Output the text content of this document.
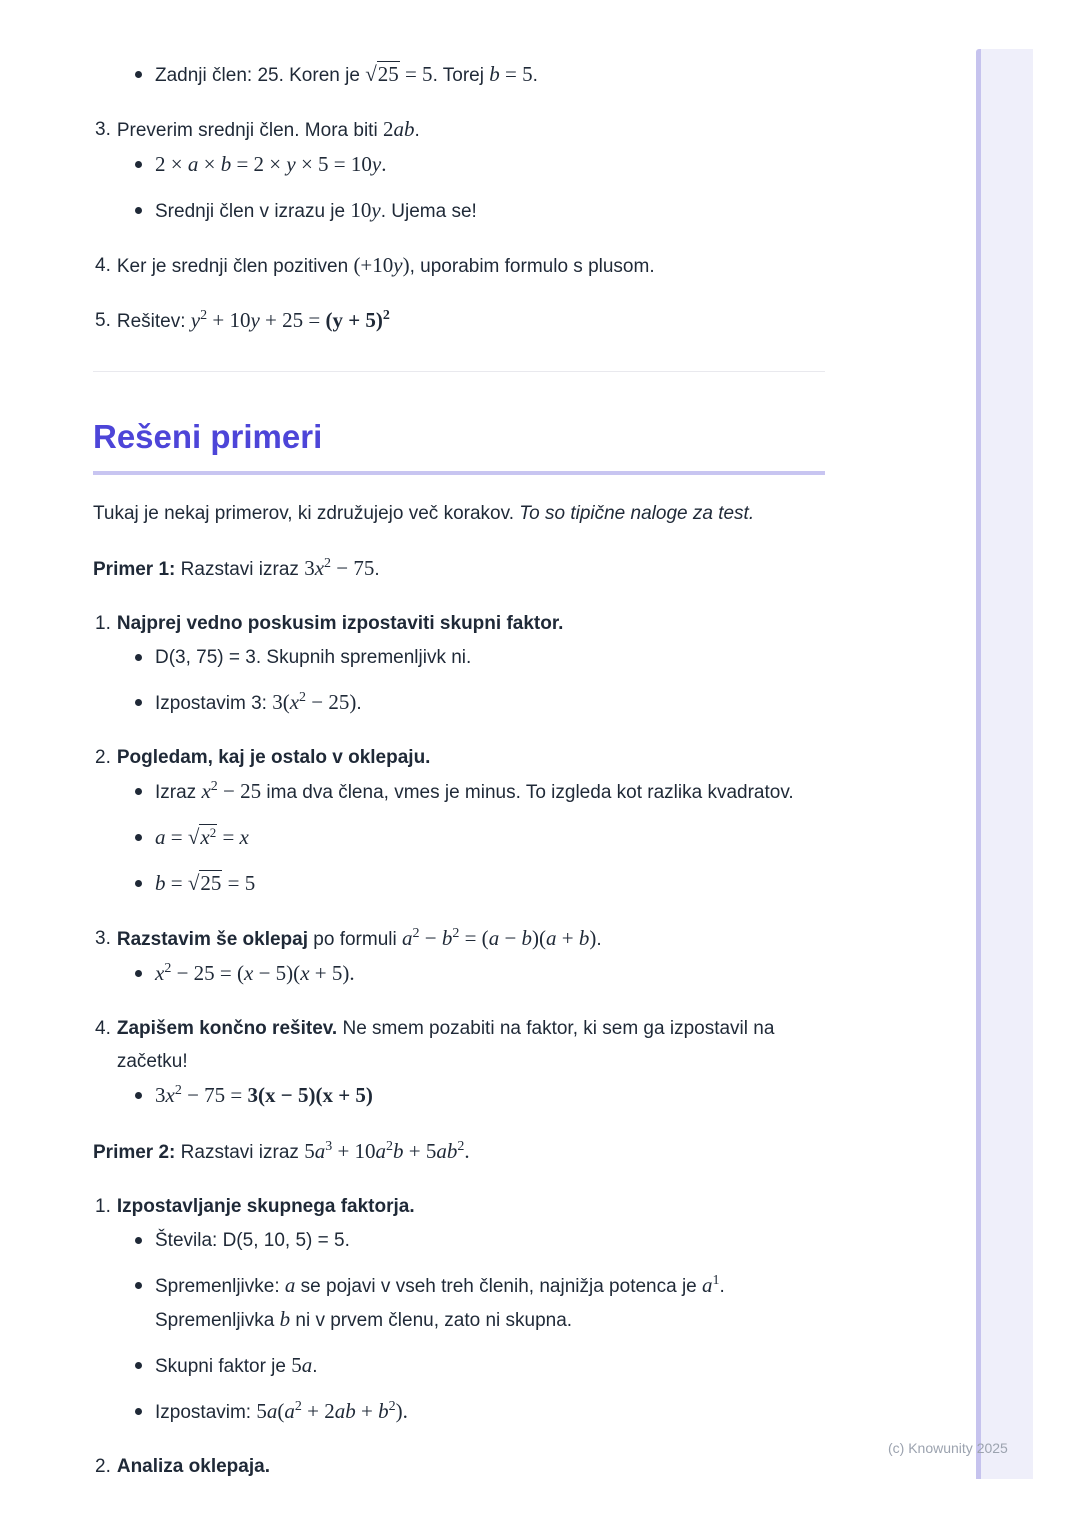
Zadnji člen: 25. Koren je √25 = 5. Torej b = 5.
3. Preverim srednji člen. Mora biti 2ab.
2 × a × b = 2 × y × 5 = 10y.
Srednji člen v izrazu je 10y. Ujema se!
4. Ker je srednji člen pozitiven (+10y), uporabim formulo s plusom.
5. Rešitev: $y^2 + 10y + 25 = (y + 5)^2$
Rešeni primeri

Tukaj je nekaj primerov, ki združujejo več korakov. To so tipične naloge za test.

Primer 1: Razstavi izraz $3x^2 - 75$.

1. Najprej vedno poskusim izpostaviti skupni faktor.
D(3, 75) = 3. Skupnih spremenljivk ni.
Izpostavim 3: $3(x^2 - 25)$.
2. Pogledam, kaj je ostalo v oklepaju.
Izraz $x^2 - 25$ ima dva člena, vmes je minus. To izgleda kot razlika kvadratov.
$a = √x^2 = x$
b = √25 = 5
3. Razstavim še oklepaj po formuli $a^2 - b^2 = (a - b)(a + b)$.
$x^2 - 25 = (x - 5)(x + 5)$.
4. Zapišem končno rešitev. Ne smem pozabiti na faktor, ki sem ga izpostavil na začetku!
$3x^2 - 75 = 3(x - 5)(x + 5)$

Primer 2: Razstavi izraz $5a^3 + 10a^2b + 5ab^2$.

1. Izpostavljanje skupnega faktorja.
Števila: D(5, 10, 5) = 5.
Spremenljivke: a se pojavi v vseh treh členih, najnižja potenca je $a^1$. Spremenljivka b ni v prvem členu, zato ni skupna.
Skupni faktor je 5a.
Izpostavim: $5a(a^2 + 2ab + b^2)$.
2. Analiza oklepaja.
(c) Knowunity 2025
